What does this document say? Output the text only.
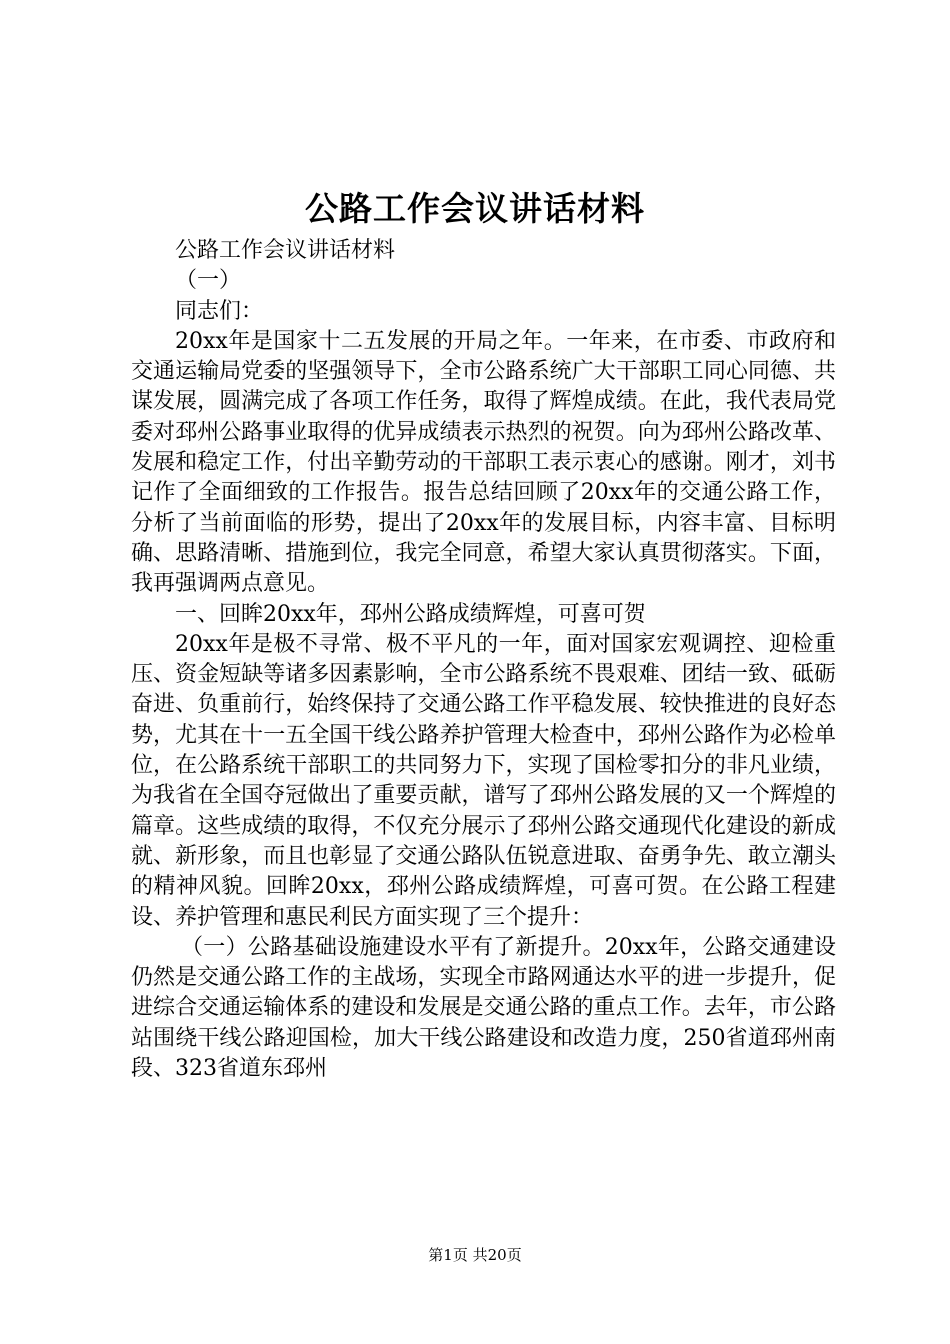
公路工作会议讲话材料

公路工作会议讲话材料

（一）

同志们：

20xx年是国家十二五发展的开局之年。一年来，在市委、市政府和交通运输局党委的坚强领导下，全市公路系统广大干部职工同心同德、共谋发展，圆满完成了各项工作任务，取得了辉煌成绩。在此，我代表局党委对邳州公路事业取得的优异成绩表示热烈的祝贺。向为邳州公路改革、发展和稳定工作，付出辛勤劳动的干部职工表示衷心的感谢。刚才，刘书记作了全面细致的工作报告。报告总结回顾了20xx年的交通公路工作，分析了当前面临的形势，提出了20xx年的发展目标，内容丰富、目标明确、思路清晰、措施到位，我完全同意，希望大家认真贯彻落实。下面，我再强调两点意见。

一、回眸20xx年，邳州公路成绩辉煌，可喜可贺

20xx年是极不寻常、极不平凡的一年，面对国家宏观调控、迎检重压、资金短缺等诸多因素影响，全市公路系统不畏艰难、团结一致、砥砺奋进、负重前行，始终保持了交通公路工作平稳发展、较快推进的良好态势，尤其在十一五全国干线公路养护管理大检查中，邳州公路作为必检单位，在公路系统干部职工的共同努力下，实现了国检零扣分的非凡业绩，为我省在全国夺冠做出了重要贡献，谱写了邳州公路发展的又一个辉煌的篇章。这些成绩的取得，不仅充分展示了邳州公路交通现代化建设的新成就、新形象，而且也彰显了交通公路队伍锐意进取、奋勇争先、敢立潮头的精神风貌。回眸20xx，邳州公路成绩辉煌，可喜可贺。在公路工程建设、养护管理和惠民利民方面实现了三个提升：

（一）公路基础设施建设水平有了新提升。20xx年，公路交通建设仍然是交通公路工作的主战场，实现全市路网通达水平的进一步提升，促进综合交通运输体系的建设和发展是交通公路的重点工作。去年，市公路站围绕干线公路迎国检，加大干线公路建设和改造力度，250省道邳州南段、323省道东邳州

第1页 共20页
